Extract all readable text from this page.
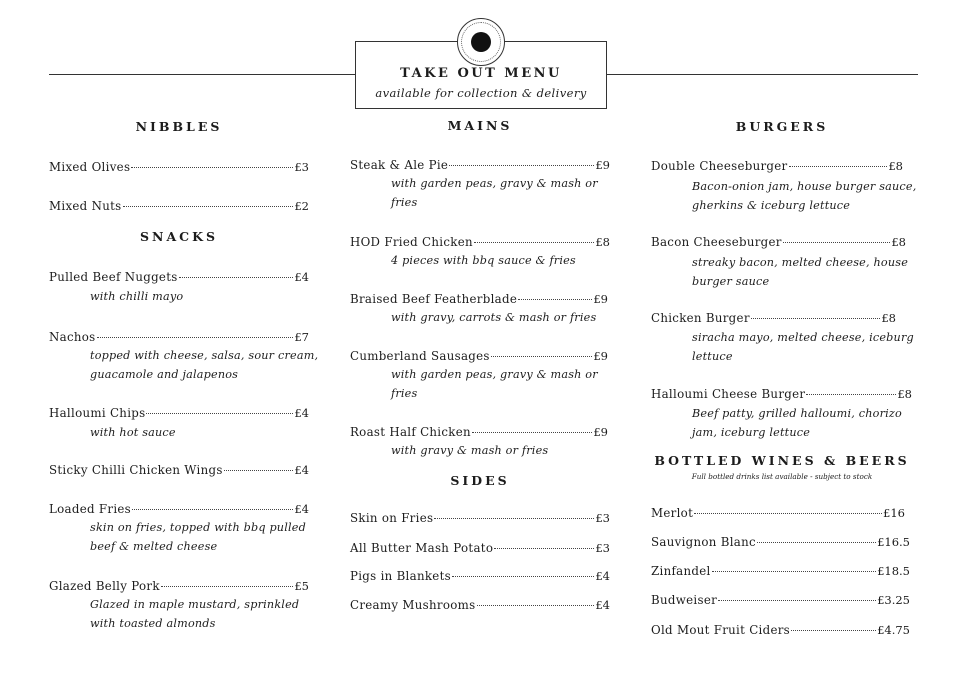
TAKE OUT MENU
available for collection & delivery
NIBBLES
Mixed Olives	£3
Mixed Nuts	£2
SNACKS
Pulled Beef Nuggets	£4
with chilli mayo
Nachos	£7
topped with cheese, salsa, sour cream,
guacamole and jalapenos
Halloumi Chips	£4
with hot sauce
Sticky Chilli Chicken Wings	£4
Loaded Fries	£4
skin on fries, topped with bbq pulled
beef & melted cheese
Glazed Belly Pork	£5
Glazed in maple mustard, sprinkled
with toasted almonds
MAINS
Steak & Ale Pie	£9
with garden peas, gravy & mash or
fries
HOD Fried Chicken	£8
4 pieces with bbq sauce & fries
Braised Beef Featherblade	£9
with gravy, carrots & mash or fries
Cumberland Sausages	£9
with garden peas, gravy & mash or
fries
Roast Half Chicken	£9
with gravy & mash or fries
SIDES
Skin on Fries	£3
All Butter Mash Potato	£3
Pigs in Blankets	£4
Creamy Mushrooms	£4
BURGERS
Double Cheeseburger	£8
Bacon-onion jam, house burger sauce,
gherkins & iceburg lettuce
Bacon Cheeseburger	£8
streaky bacon, melted cheese, house
burger sauce
Chicken Burger	£8
siracha mayo, melted cheese, iceburg
lettuce
Halloumi Cheese Burger	£8
Beef patty, grilled halloumi, chorizo
jam, iceburg lettuce
BOTTLED WINES & BEERS
Full bottled drinks list available - subject to stock
Merlot	£16
Sauvignon Blanc	£16.5
Zinfandel	£18.5
Budweiser	£3.25
Old Mout Fruit Ciders	£4.75
